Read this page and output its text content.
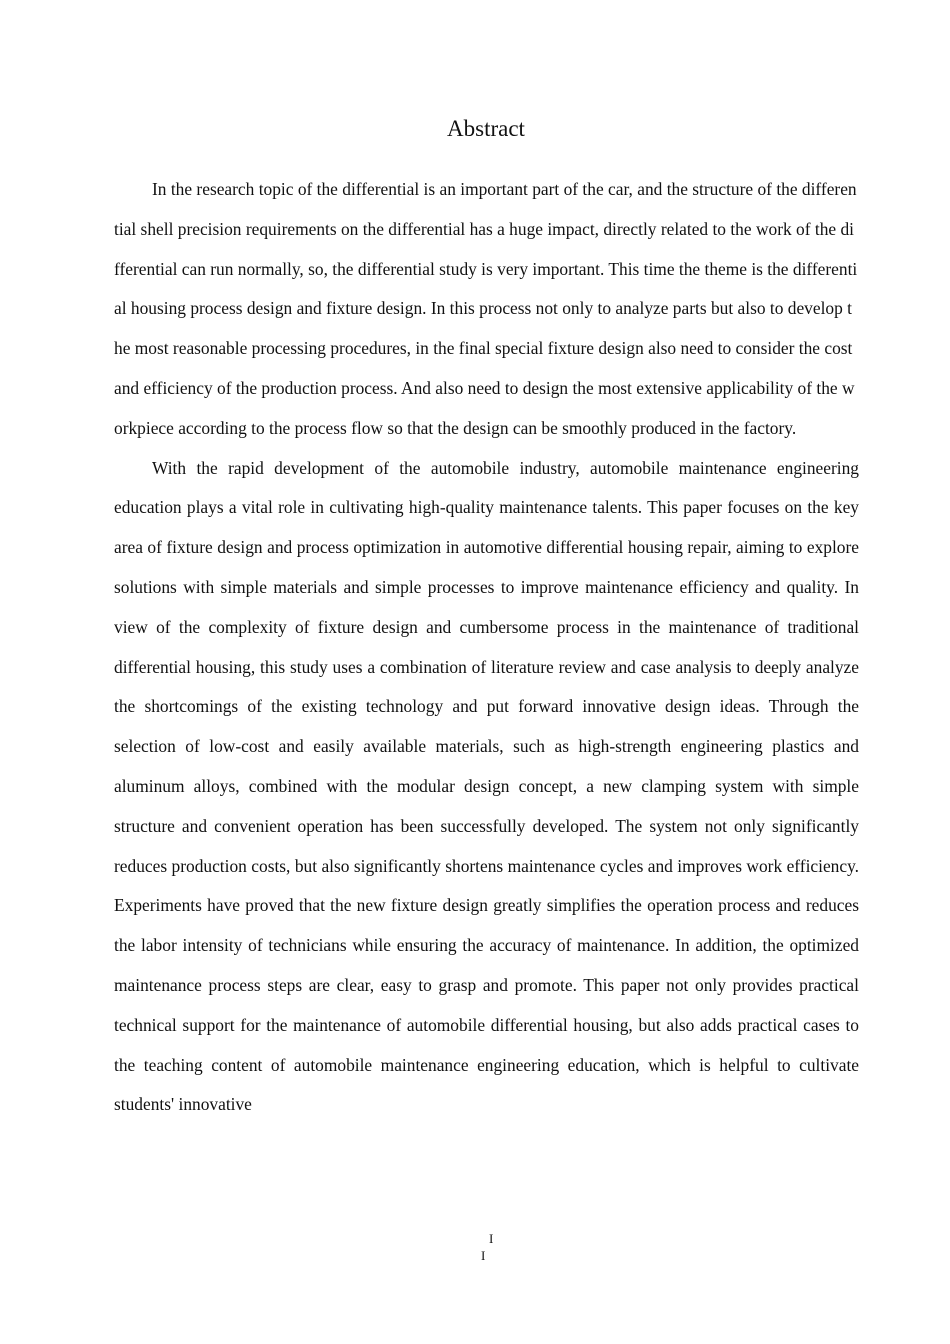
Abstract

In the research topic of the differential is an important part of the car, and the structure of the differential shell precision requirements on the differential has a huge impact, directly related to the work of the differential can run normally, so, the differential study is very important. This time the theme is the differential housing process design and fixture design. In this process not only to analyze parts but also to develop the most reasonable processing procedures, in the final special fixture design also need to consider the cost and efficiency of the production process. And also need to design the most extensive applicability of the workpiece according to the process flow so that the design can be smoothly produced in the factory.

With the rapid development of the automobile industry, automobile maintenance engineering education plays a vital role in cultivating high-quality maintenance talents. This paper focuses on the key area of fixture design and process optimization in automotive differential housing repair, aiming to explore solutions with simple materials and simple processes to improve maintenance efficiency and quality. In view of the complexity of fixture design and cumbersome process in the maintenance of traditional differential housing, this study uses a combination of literature review and case analysis to deeply analyze the shortcomings of the existing technology and put forward innovative design ideas. Through the selection of low-cost and easily available materials, such as high-strength engineering plastics and aluminum alloys, combined with the modular design concept, a new clamping system with simple structure and convenient operation has been successfully developed. The system not only significantly reduces production costs, but also significantly shortens maintenance cycles and improves work efficiency. Experiments have proved that the new fixture design greatly simplifies the operation process and reduces the labor intensity of technicians while ensuring the accuracy of maintenance. In addition, the optimized maintenance process steps are clear, easy to grasp and promote. This paper not only provides practical technical support for the maintenance of automobile differential housing, but also adds practical cases to the teaching content of automobile maintenance engineering education, which is helpful to cultivate students' innovative

I
I
